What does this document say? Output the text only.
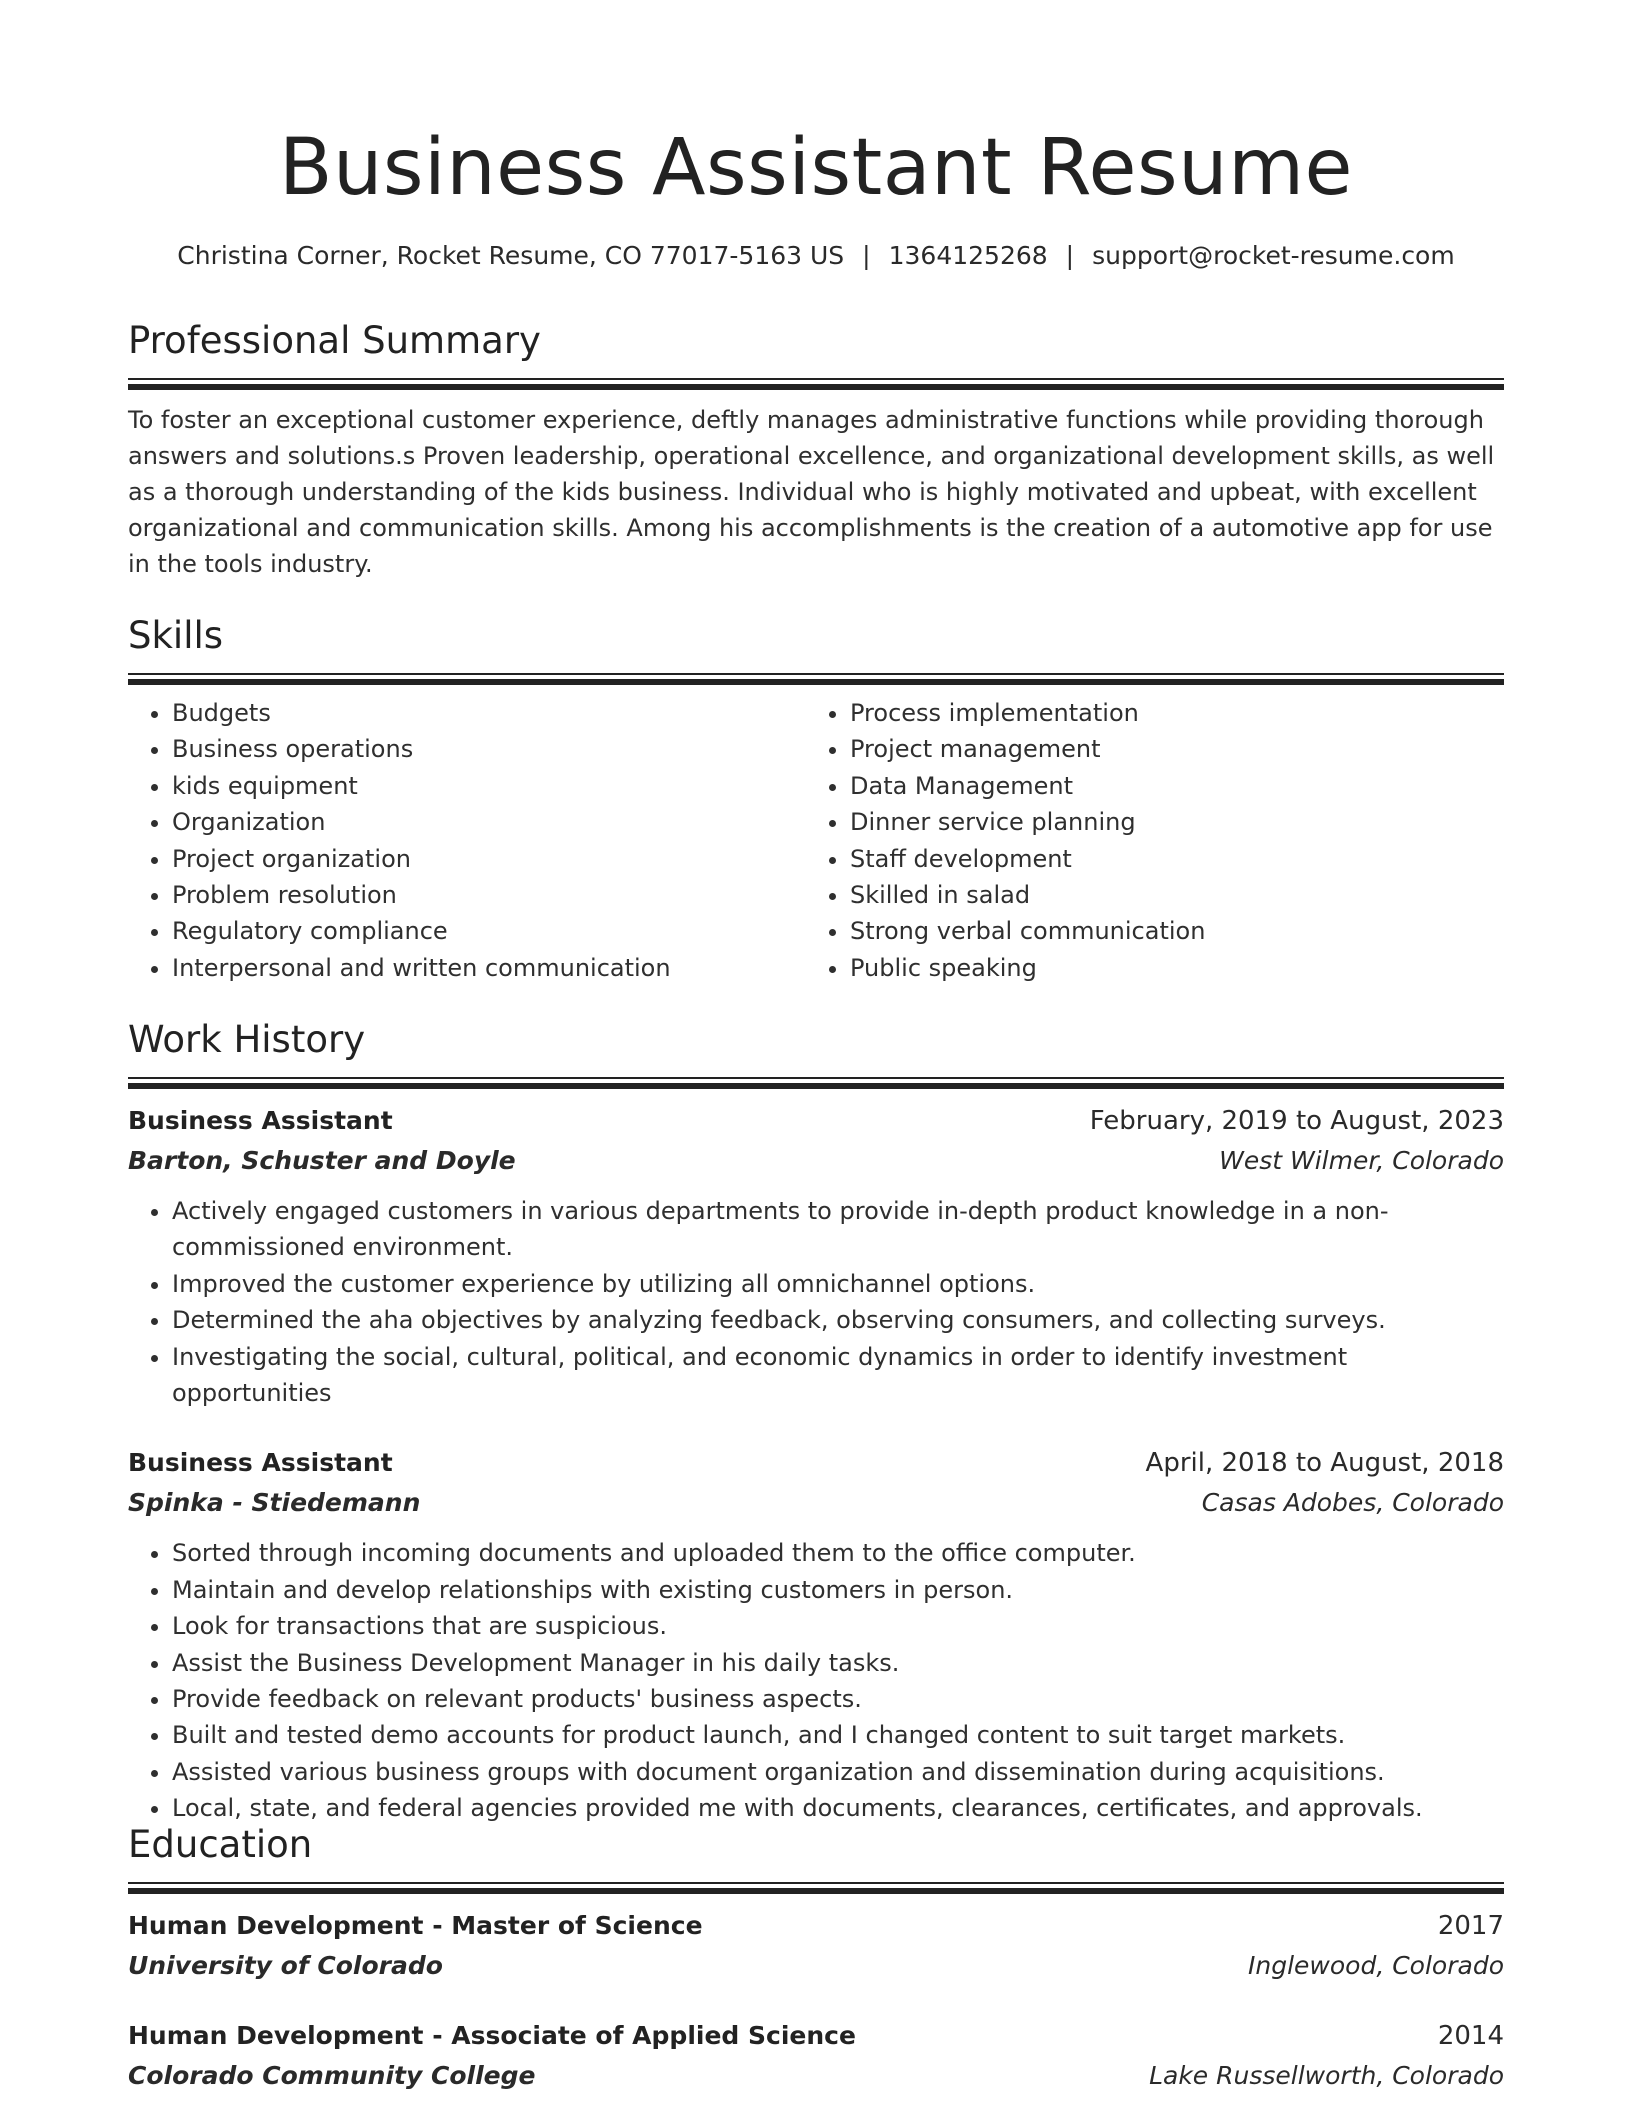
Business Assistant Resume
Christina Corner, Rocket Resume, CO 77017-5163 US | 1364125268 | support@rocket-resume.com
Professional Summary

To foster an exceptional customer experience, deftly manages administrative functions while providing thorough answers and solutions.s Proven leadership, operational excellence, and organizational development skills, as well as a thorough understanding of the kids business. Individual who is highly motivated and upbeat, with excellent organizational and communication skills. Among his accomplishments is the creation of a automotive app for use in the tools industry.

Skills
• Budgets
• Business operations
• kids equipment
• Organization
• Project organization
• Problem resolution
• Regulatory compliance
• Interpersonal and written communication
• Process implementation
• Project management
• Data Management
• Dinner service planning
• Staff development
• Skilled in salad
• Strong verbal communication
• Public speaking
Work History
Business Assistant	February, 2019 to August, 2023
Barton, Schuster and Doyle	West Wilmer, Colorado
• Actively engaged customers in various departments to provide in-depth product knowledge in a non-commissioned environment.
• Improved the customer experience by utilizing all omnichannel options.
• Determined the aha objectives by analyzing feedback, observing consumers, and collecting surveys.
• Investigating the social, cultural, political, and economic dynamics in order to identify investment opportunities
Business Assistant	April, 2018 to August, 2018
Spinka - Stiedemann	Casas Adobes, Colorado
• Sorted through incoming documents and uploaded them to the office computer.
• Maintain and develop relationships with existing customers in person.
• Look for transactions that are suspicious.
• Assist the Business Development Manager in his daily tasks.
• Provide feedback on relevant products' business aspects.
• Built and tested demo accounts for product launch, and I changed content to suit target markets.
• Assisted various business groups with document organization and dissemination during acquisitions.
• Local, state, and federal agencies provided me with documents, clearances, certificates, and approvals.
Education
Human Development - Master of Science	2017
University of Colorado	Inglewood, Colorado
Human Development - Associate of Applied Science	2014
Colorado Community College	Lake Russellworth, Colorado
